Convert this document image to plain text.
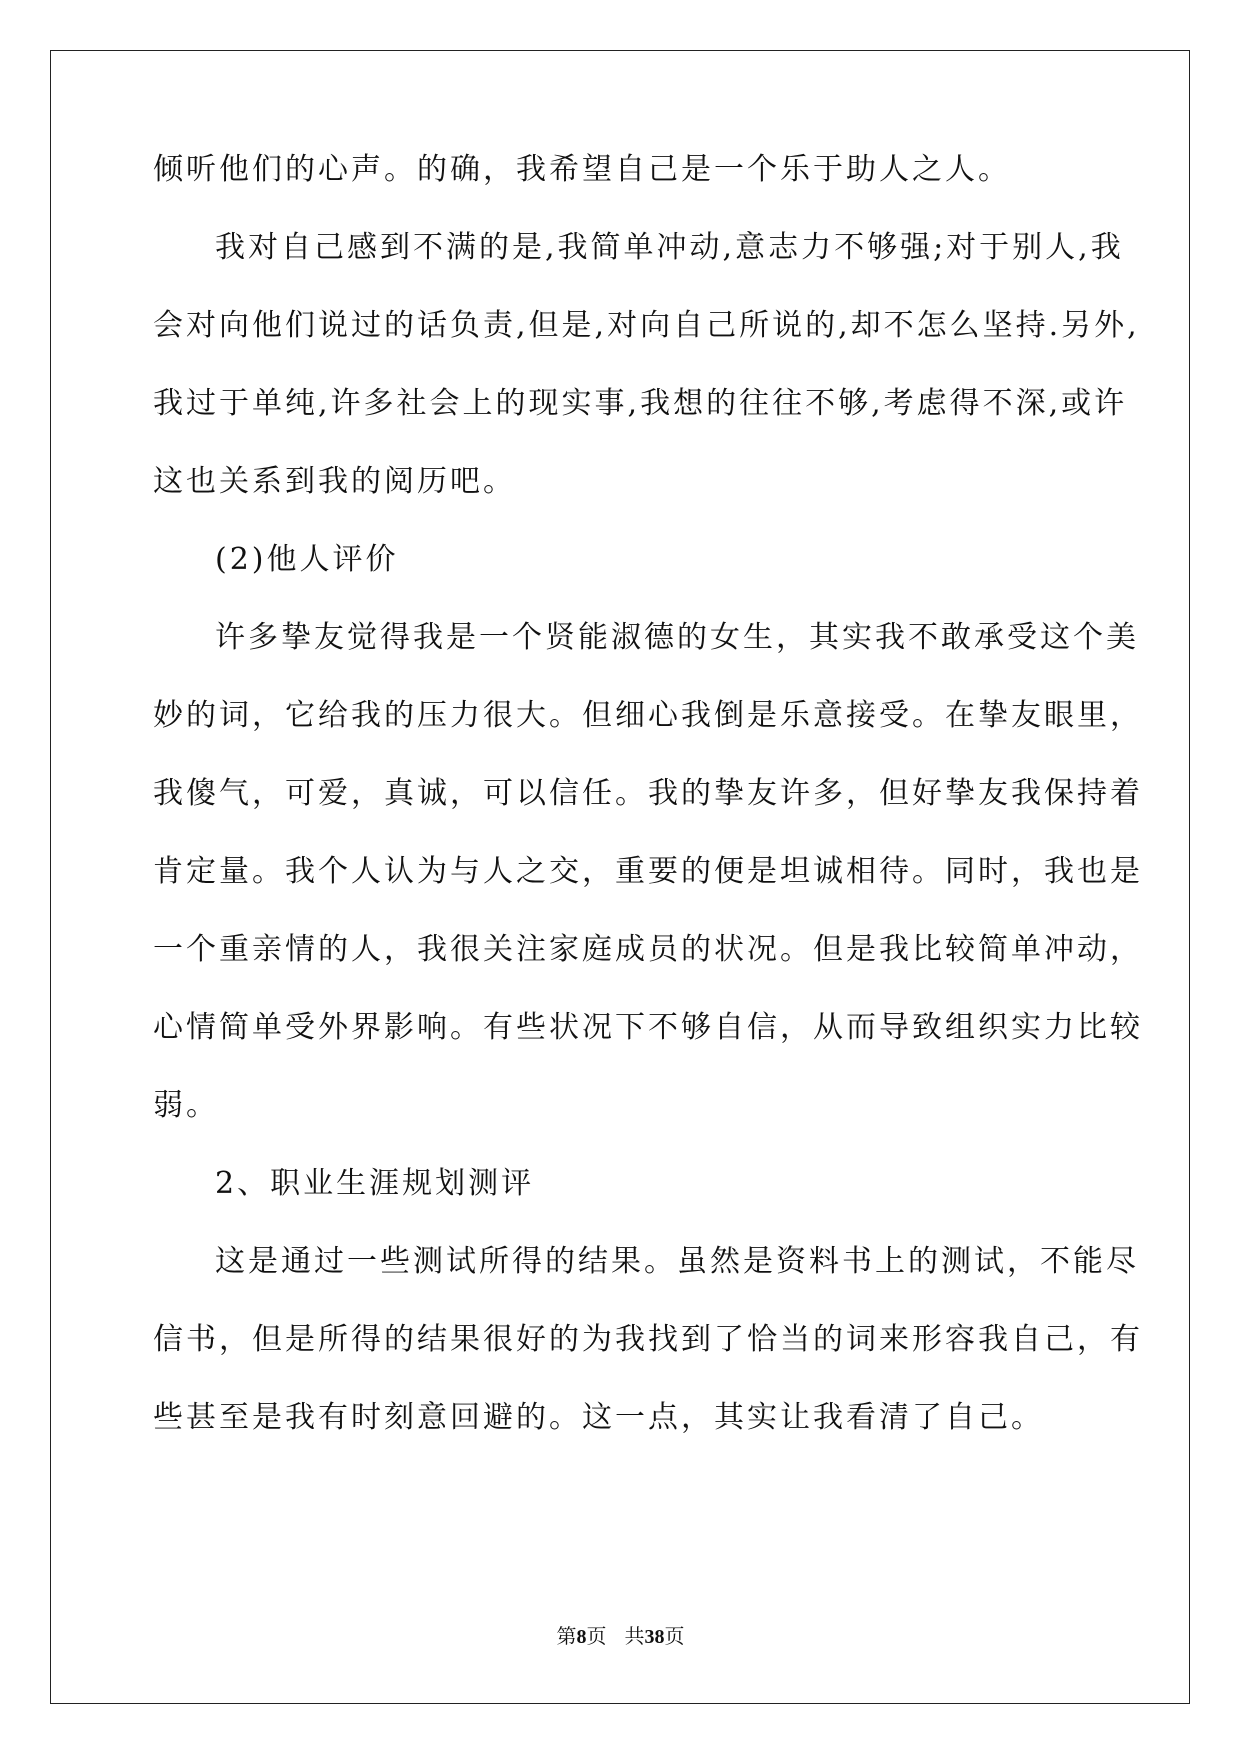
倾听他们的心声。的确，我希望自己是一个乐于助人之人。
我对自己感到不满的是,我简单冲动,意志力不够强;对于别人,我
会对向他们说过的话负责,但是,对向自己所说的,却不怎么坚持.另外,
我过于单纯,许多社会上的现实事,我想的往往不够,考虑得不深,或许
这也关系到我的阅历吧。
(2)他人评价
许多挚友觉得我是一个贤能淑德的女生，其实我不敢承受这个美
妙的词，它给我的压力很大。但细心我倒是乐意接受。在挚友眼里，
我傻气，可爱，真诚，可以信任。我的挚友许多，但好挚友我保持着
肯定量。我个人认为与人之交，重要的便是坦诚相待。同时，我也是
一个重亲情的人，我很关注家庭成员的状况。但是我比较简单冲动，
心情简单受外界影响。有些状况下不够自信，从而导致组织实力比较
弱。
2、职业生涯规划测评
这是通过一些测试所得的结果。虽然是资料书上的测试，不能尽
信书，但是所得的结果很好的为我找到了恰当的词来形容我自己，有
些甚至是我有时刻意回避的。这一点，其实让我看清了自己。
第8页 共38页
